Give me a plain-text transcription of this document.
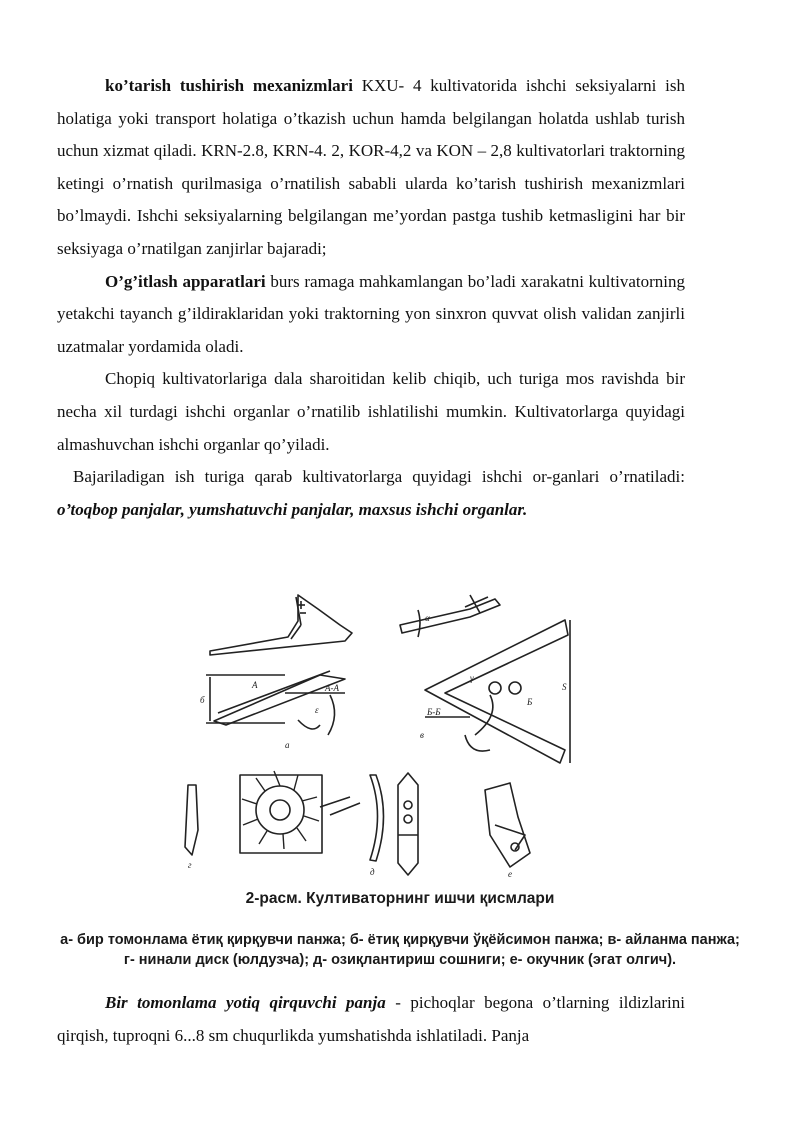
ko’tarish tushirish mexanizmlari KXU- 4 kultivatorida ishchi seksiyalarni ish holatiga yoki transport holatiga o’tkazish uchun hamda belgilangan holatda ushlab turish uchun xizmat qiladi. KRN-2.8, KRN-4. 2, KOR-4,2 va KON – 2,8 kultivatorlari traktorning ketingi o’rnatish qurilmasiga o’rnatilish sababli ularda ko’tarish tushirish mexanizmlari bo’lmaydi. Ishchi seksiyalarning belgilangan me’yordan pastga tushib ketmasligini har bir seksiyaga o’rnatilgan zanjirlar bajaradi;

O’g’itlash apparatlari burs ramaga mahkamlangan bo’ladi xarakatni kultivatorning yetakchi tayanch g’ildiraklaridan yoki traktorning yon sinxron quvvat olish validan zanjirli uzatmalar yordamida oladi.

Chopiq kultivatorlariga dala sharoitidan kelib chiqib, uch turiga mos ravishda bir necha xil turdagi ishchi organlar o’rnatilib ishlatilishi mumkin. Kultivatorlarga quyidagi almashuvchan ishchi organlar qo’yiladi.

Bajariladigan ish turiga qarab kultivatorlarga quyidagi ishchi or-ganlari o’rnatiladi: o’toqbop panjalar, yumshatuvchi panjalar, maxsus ishchi organlar.

а
А-А
А
б
в
Б-Б
Б
S
α
γ
ε
г
д	е
2-расм. Култиваторнинг ишчи қисмлари
а- бир томонлама ётиқ қирқувчи панжа; б- ётиқ қирқувчи ўқёйсимон панжа; в- айланма панжа; г- нинали диск (юлдузча); д- озиқлантириш сошниги; е- окучник (эгат олгич).

Bir tomonlama yotiq qirquvchi panja - pichoqlar begona o’tlarning ildizlarini qirqish, tuproqni 6...8 sm chuqurlikda yumshatishda ishlatiladi. Panja
